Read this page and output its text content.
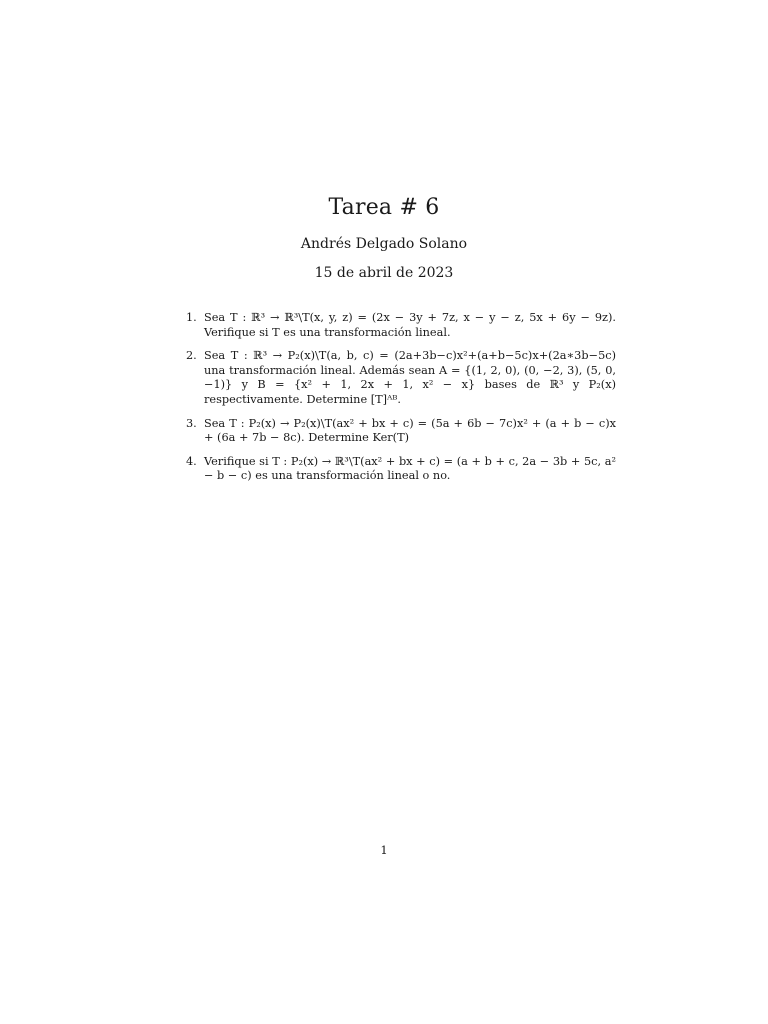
Tarea # 6
Andrés Delgado Solano
15 de abril de 2023
1. Sea T : ℝ³ → ℝ³\T(x, y, z) = (2x − 3y + 7z, x − y − z, 5x + 6y − 9z). Verifique si T es una transformación lineal.
2. Sea T : ℝ³ → P₂(x)\T(a, b, c) = (2a+3b−c)x²+(a+b−5c)x+(2a∗3b−5c) una transformación lineal. Además sean A = {(1, 2, 0), (0, −2, 3), (5, 0, −1)} y B = {x² + 1, 2x + 1, x² − x} bases de ℝ³ y P₂(x) respectivamente. Determine [T]ᴬᴮ.
3. Sea T : P₂(x) → P₂(x)\T(ax² + bx + c) = (5a + 6b − 7c)x² + (a + b − c)x + (6a + 7b − 8c). Determine Ker(T)
4. Verifique si T : P₂(x) → ℝ³\T(ax² + bx + c) = (a + b + c, 2a − 3b + 5c, a² − b − c) es una transformación lineal o no.
1
